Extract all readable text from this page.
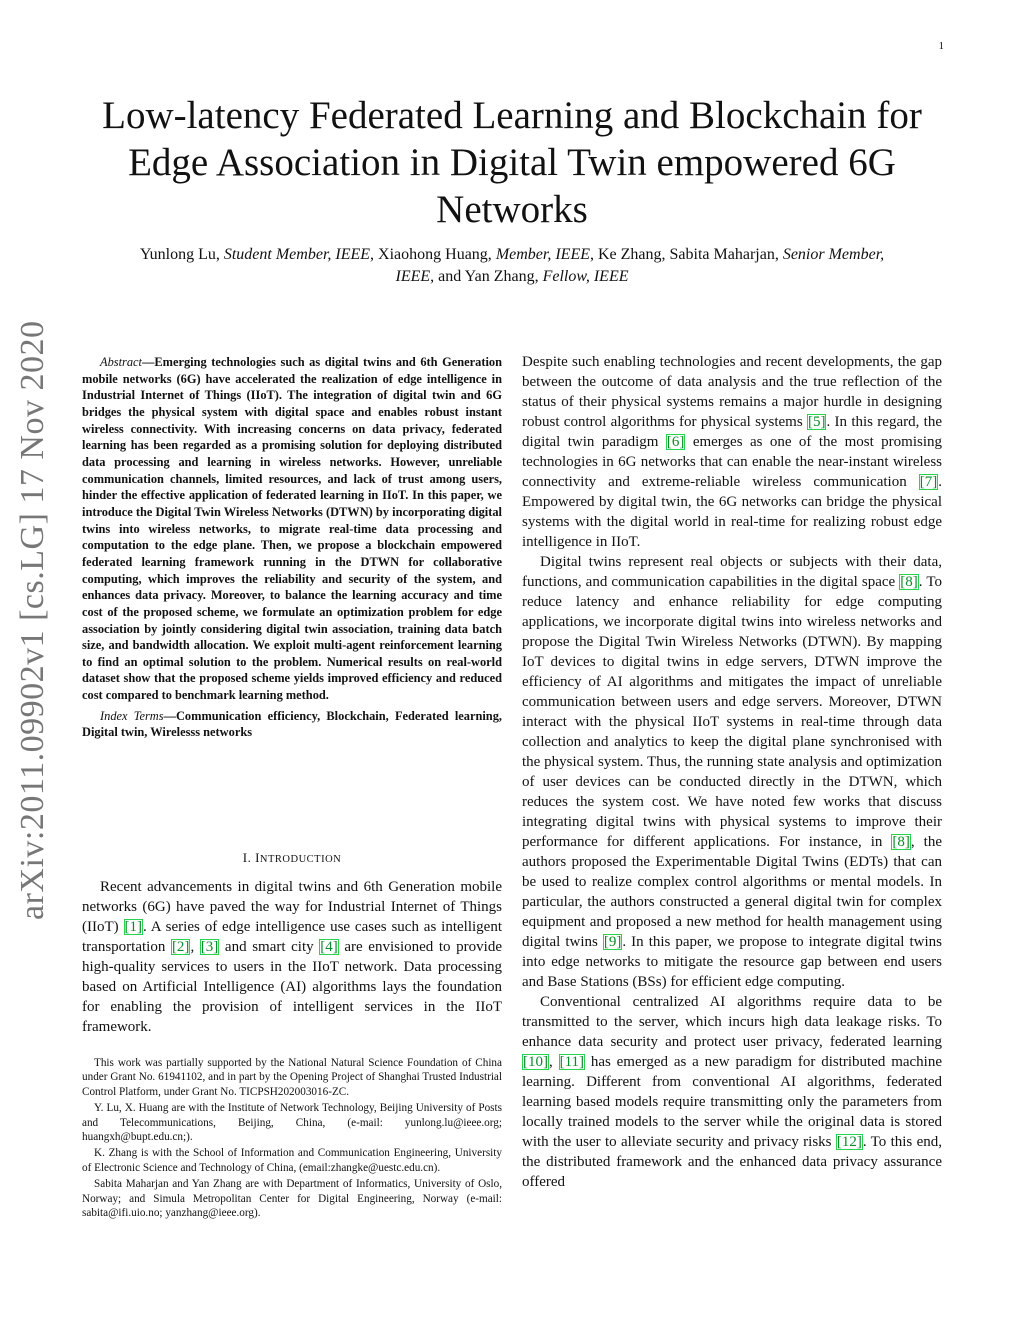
1
arXiv:2011.09902v1 [cs.LG] 17 Nov 2020
Low-latency Federated Learning and Blockchain for Edge Association in Digital Twin empowered 6G Networks
Yunlong Lu, Student Member, IEEE, Xiaohong Huang, Member, IEEE, Ke Zhang, Sabita Maharjan, Senior Member, IEEE, and Yan Zhang, Fellow, IEEE

Abstract—Emerging technologies such as digital twins and 6th Generation mobile networks (6G) have accelerated the realization of edge intelligence in Industrial Internet of Things (IIoT). The integration of digital twin and 6G bridges the physical system with digital space and enables robust instant wireless connectivity. With increasing concerns on data privacy, federated learning has been regarded as a promising solution for deploying distributed data processing and learning in wireless networks. However, unreliable communication channels, limited resources, and lack of trust among users, hinder the effective application of federated learning in IIoT. In this paper, we introduce the Digital Twin Wireless Networks (DTWN) by incorporating digital twins into wireless networks, to migrate real-time data processing and computation to the edge plane. Then, we propose a blockchain empowered federated learning framework running in the DTWN for collaborative computing, which improves the reliability and security of the system, and enhances data privacy. Moreover, to balance the learning accuracy and time cost of the proposed scheme, we formulate an optimization problem for edge association by jointly considering digital twin association, training data batch size, and bandwidth allocation. We exploit multi-agent reinforcement learning to find an optimal solution to the problem. Numerical results on real-world dataset show that the proposed scheme yields improved efficiency and reduced cost compared to benchmark learning method.

Index Terms—Communication efficiency, Blockchain, Federated learning, Digital twin, Wirelesss networks

I. INTRODUCTION

Recent advancements in digital twins and 6th Generation mobile networks (6G) have paved the way for Industrial Internet of Things (IIoT) [1]. A series of edge intelligence use cases such as intelligent transportation [2], [3] and smart city [4] are envisioned to provide high-quality services to users in the IIoT network. Data processing based on Artificial Intelligence (AI) algorithms lays the foundation for enabling the provision of intelligent services in the IIoT framework.

This work was partially supported by the National Natural Science Foundation of China under Grant No. 61941102, and in part by the Opening Project of Shanghai Trusted Industrial Control Platform, under Grant No. TICPSH202003016-ZC.

Y. Lu, X. Huang are with the Institute of Network Technology, Beijing University of Posts and Telecommunications, Beijing, China, (e-mail: yunlong.lu@ieee.org; huangxh@bupt.edu.cn;).

K. Zhang is with the School of Information and Communication Engineering, University of Electronic Science and Technology of China, (email:zhangke@uestc.edu.cn).

Sabita Maharjan and Yan Zhang are with Department of Informatics, University of Oslo, Norway; and Simula Metropolitan Center for Digital Engineering, Norway (e-mail: sabita@ifi.uio.no; yanzhang@ieee.org).

Despite such enabling technologies and recent developments, the gap between the outcome of data analysis and the true reflection of the status of their physical systems remains a major hurdle in designing robust control algorithms for physical systems [5]. In this regard, the digital twin paradigm [6] emerges as one of the most promising technologies in 6G networks that can enable the near-instant wireless connectivity and extreme-reliable wireless communication [7]. Empowered by digital twin, the 6G networks can bridge the physical systems with the digital world in real-time for realizing robust edge intelligence in IIoT.

Digital twins represent real objects or subjects with their data, functions, and communication capabilities in the digital space [8]. To reduce latency and enhance reliability for edge computing applications, we incorporate digital twins into wireless networks and propose the Digital Twin Wireless Networks (DTWN). By mapping IoT devices to digital twins in edge servers, DTWN improve the efficiency of AI algorithms and mitigates the impact of unreliable communication between users and edge servers. Moreover, DTWN interact with the physical IIoT systems in real-time through data collection and analytics to keep the digital plane synchronised with the physical system. Thus, the running state analysis and optimization of user devices can be conducted directly in the DTWN, which reduces the system cost. We have noted few works that discuss integrating digital twins with physical systems to improve their performance for different applications. For instance, in [8], the authors proposed the Experimentable Digital Twins (EDTs) that can be used to realize complex control algorithms or mental models. In particular, the authors constructed a general digital twin for complex equipment and proposed a new method for health management using digital twins [9]. In this paper, we propose to integrate digital twins into edge networks to mitigate the resource gap between end users and Base Stations (BSs) for efficient edge computing.

Conventional centralized AI algorithms require data to be transmitted to the server, which incurs high data leakage risks. To enhance data security and protect user privacy, federated learning [10], [11] has emerged as a new paradigm for distributed machine learning. Different from conventional AI algorithms, federated learning based models require transmitting only the parameters from locally trained models to the server while the original data is stored with the user to alleviate security and privacy risks [12]. To this end, the distributed framework and the enhanced data privacy assurance offered
